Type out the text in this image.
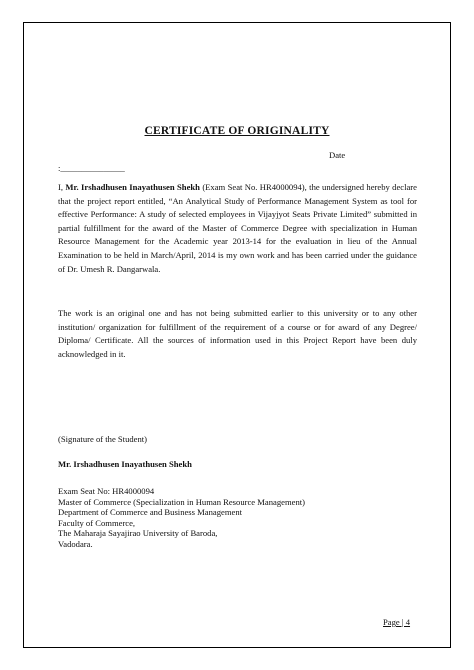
CERTIFICATE OF ORIGINALITY
Date
:_______________
I, Mr. Irshadhusen Inayathusen Shekh (Exam Seat No. HR4000094), the undersigned hereby declare that the project report entitled, “An Analytical Study of Performance Management System as tool for effective Performance: A study of selected employees in Vijayjyot Seats Private Limited” submitted in partial fulfillment for the award of the Master of Commerce Degree with specialization in Human Resource Management for the Academic year 2013-14 for the evaluation in lieu of the Annual Examination to be held in March/April, 2014 is my own work and has been carried under the guidance of Dr. Umesh R. Dangarwala.
The work is an original one and has not being submitted earlier to this university or to any other institution/ organization for fulfillment of the requirement of a course or for award of any Degree/ Diploma/ Certificate. All the sources of information used in this Project Report have been duly acknowledged in it.
(Signature of the Student)
Mr. Irshadhusen Inayathusen Shekh
Exam Seat No: HR4000094
Master of Commerce (Specialization in Human Resource Management)
Department of Commerce and Business Management
Faculty of Commerce,
The Maharaja Sayajirao University of Baroda,
Vadodara.
Page | 4
